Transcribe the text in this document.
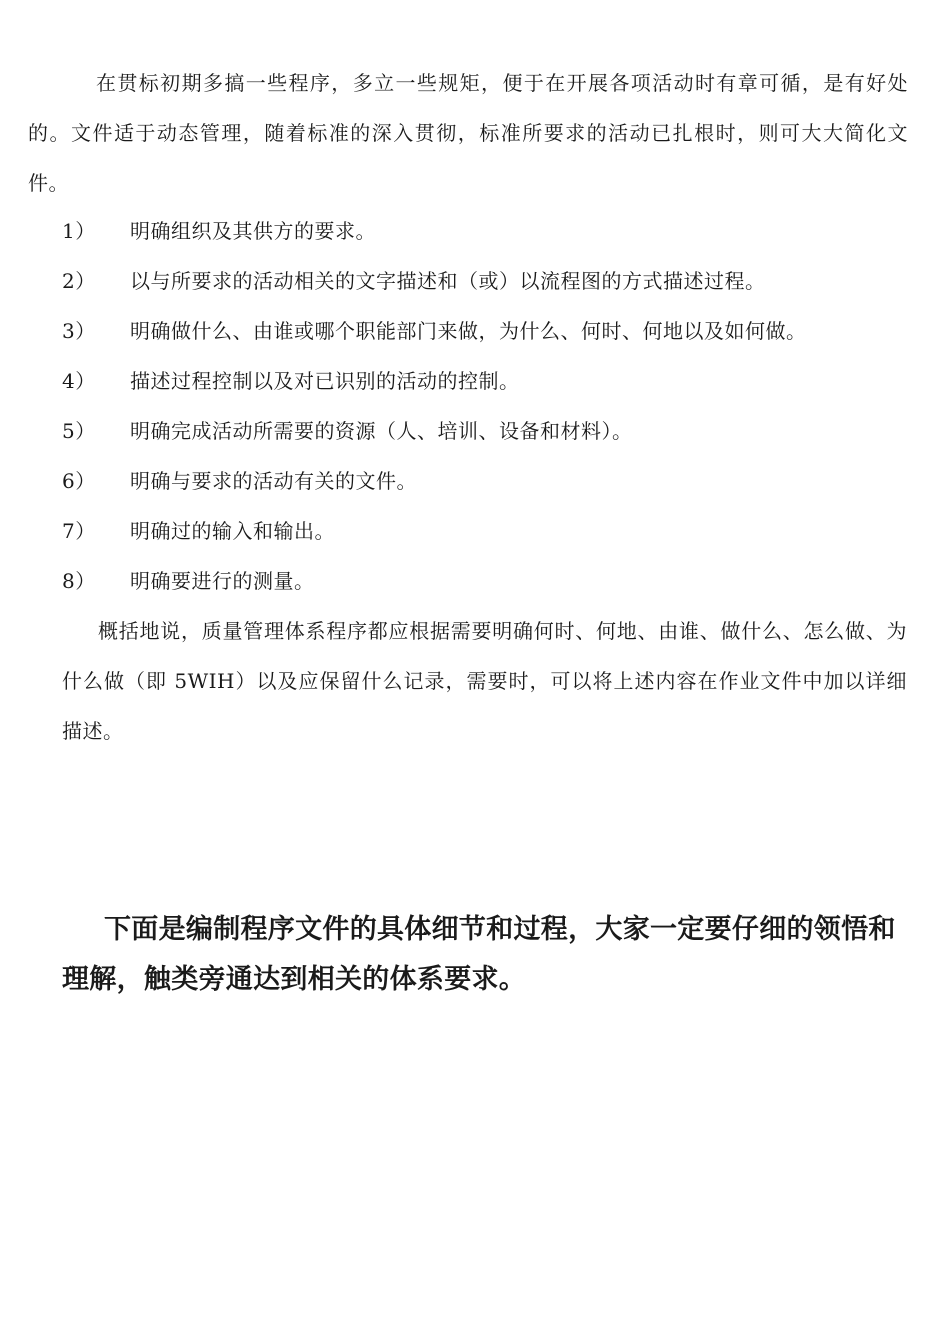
在贯标初期多搞一些程序，多立一些规矩，便于在开展各项活动时有章可循，是有好处的。文件适于动态管理，随着标准的深入贯彻，标准所要求的活动已扎根时，则可大大简化文件。

1）	明确组织及其供方的要求。
2）	以与所要求的活动相关的文字描述和（或）以流程图的方式描述过程。
3）	明确做什么、由谁或哪个职能部门来做，为什么、何时、何地以及如何做。
4）	描述过程控制以及对已识别的活动的控制。
5）	明确完成活动所需要的资源（人、培训、设备和材料）。
6）	明确与要求的活动有关的文件。
7）	明确过的输入和输出。
8）	明确要进行的测量。

概括地说，质量管理体系程序都应根据需要明确何时、何地、由谁、做什么、怎么做、为什么做（即 5WIH）以及应保留什么记录，需要时，可以将上述内容在作业文件中加以详细描述。

下面是编制程序文件的具体细节和过程，大家一定要仔细的领悟和理解，触类旁通达到相关的体系要求。
